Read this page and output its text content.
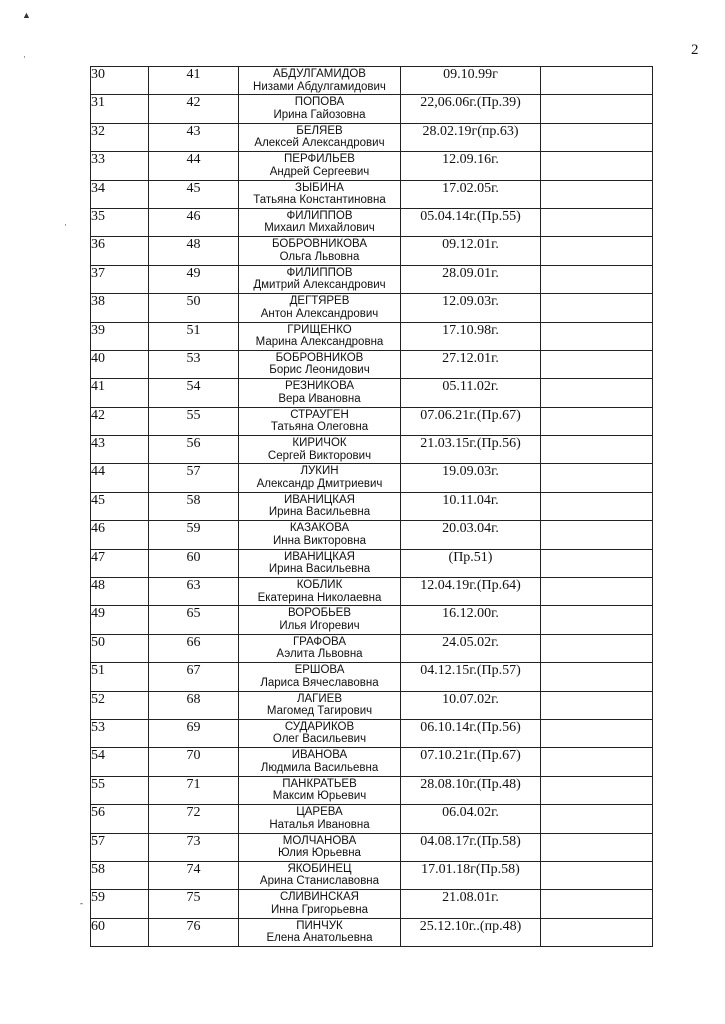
2
▲
·
·
-
30	41	АБДУЛГАМИДОВ
Низами Абдулгамидович	09.10.99г	
31	42	ПОПОВА
Ирина Гайозовна	22,06.06г.(Пр.39)	
32	43	БЕЛЯЕВ
Алексей Александрович	28.02.19г(пр.63)	
33	44	ПЕРФИЛЬЕВ
Андрей Сергеевич	12.09.16г.	
34	45	ЗЫБИНА
Татьяна Константиновна	17.02.05г.	
35	46	ФИЛИППОВ
Михаил Михайлович	05.04.14г.(Пр.55)	
36	48	БОБРОВНИКОВА
Ольга Львовна	09.12.01г.	
37	49	ФИЛИППОВ
Дмитрий Александрович	28.09.01г.	
38	50	ДЕГТЯРЕВ
Антон Александрович	12.09.03г.	
39	51	ГРИЩЕНКО
Марина Александровна	17.10.98г.	
40	53	БОБРОВНИКОВ
Борис Леонидович	27.12.01г.	
41	54	РЕЗНИКОВА
Вера Ивановна	05.11.02г.	
42	55	СТРАУГЕН
Татьяна Олеговна	07.06.21г.(Пр.67)	
43	56	КИРИЧОК
Сергей Викторович	21.03.15г.(Пр.56)	
44	57	ЛУКИН
Александр Дмитриевич	19.09.03г.	
45	58	ИВАНИЦКАЯ
Ирина Васильевна	10.11.04г.	
46	59	КАЗАКОВА
Инна Викторовна	20.03.04г.	
47	60	ИВАНИЦКАЯ
Ирина Васильевна	(Пр.51)	
48	63	КОБЛИК
Екатерина Николаевна	12.04.19г.(Пр.64)	
49	65	ВОРОБЬЕВ
Илья Игоревич	16.12.00г.	
50	66	ГРАФОВА
Аэлита Львовна	24.05.02г.	
51	67	ЕРШОВА
Лариса Вячеславовна	04.12.15г.(Пр.57)	
52	68	ЛАГИЕВ
Магомед Тагирович	10.07.02г.	
53	69	СУДАРИКОВ
Олег Васильевич	06.10.14г.(Пр.56)	
54	70	ИВАНОВА
Людмила Васильевна	07.10.21г.(Пр.67)	
55	71	ПАНКРАТЬЕВ
Максим Юрьевич	28.08.10г.(Пр.48)	
56	72	ЦАРЕВА
Наталья Ивановна	06.04.02г.	
57	73	МОЛЧАНОВА
Юлия Юрьевна	04.08.17г.(Пр.58)	
58	74	ЯКОБИНЕЦ
Арина Станиславовна	17.01.18г(Пр.58)	
59	75	СЛИВИНСКАЯ
Инна Григорьевна	21.08.01г.	
60	76	ПИНЧУК
Елена Анатольевна	25.12.10г..(пр.48)	
